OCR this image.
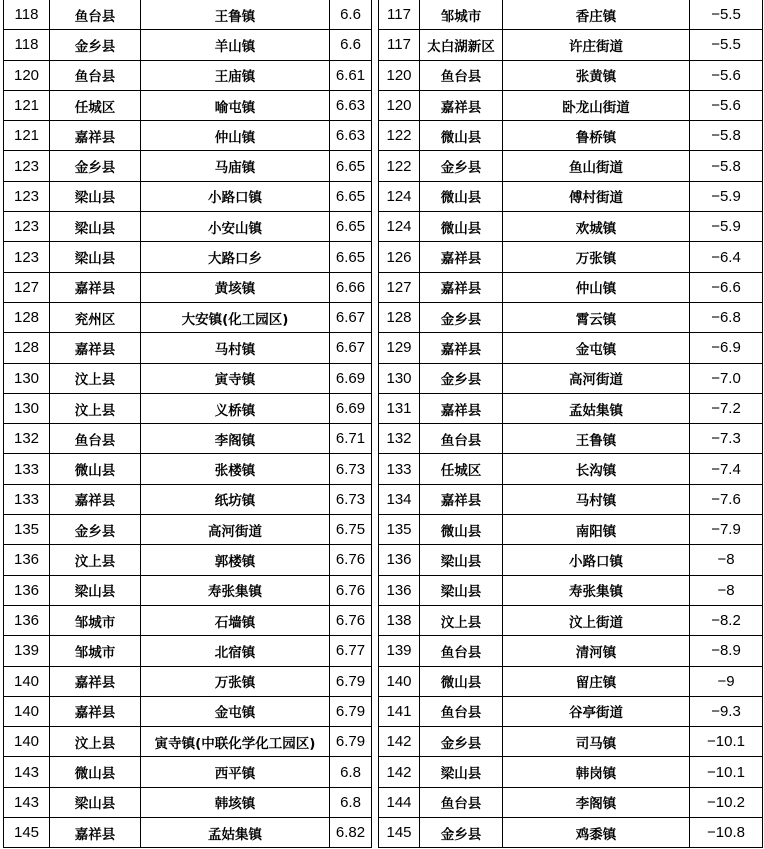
118	鱼台县	王鲁镇	6.6
118	金乡县	羊山镇	6.6
120	鱼台县	王庙镇	6.61
121	任城区	喻屯镇	6.63
121	嘉祥县	仲山镇	6.63
123	金乡县	马庙镇	6.65
123	梁山县	小路口镇	6.65
123	梁山县	小安山镇	6.65
123	梁山县	大路口乡	6.65
127	嘉祥县	黄垓镇	6.66
128	兖州区	大安镇(化工园区)	6.67
128	嘉祥县	马村镇	6.67
130	汶上县	寅寺镇	6.69
130	汶上县	义桥镇	6.69
132	鱼台县	李阁镇	6.71
133	微山县	张楼镇	6.73
133	嘉祥县	纸坊镇	6.73
135	金乡县	高河街道	6.75
136	汶上县	郭楼镇	6.76
136	梁山县	寿张集镇	6.76
136	邹城市	石墙镇	6.76
139	邹城市	北宿镇	6.77
140	嘉祥县	万张镇	6.79
140	嘉祥县	金屯镇	6.79
140	汶上县	寅寺镇(中联化学化工园区)	6.79
143	微山县	西平镇	6.8
143	梁山县	韩垓镇	6.8
145	嘉祥县	孟姑集镇	6.82
117	邹城市	香庄镇	−5.5
117	太白湖新区	许庄街道	−5.5
120	鱼台县	张黄镇	−5.6
120	嘉祥县	卧龙山街道	−5.6
122	微山县	鲁桥镇	−5.8
122	金乡县	鱼山街道	−5.8
124	微山县	傅村街道	−5.9
124	微山县	欢城镇	−5.9
126	嘉祥县	万张镇	−6.4
127	嘉祥县	仲山镇	−6.6
128	金乡县	霄云镇	−6.8
129	嘉祥县	金屯镇	−6.9
130	金乡县	高河街道	−7.0
131	嘉祥县	孟姑集镇	−7.2
132	鱼台县	王鲁镇	−7.3
133	任城区	长沟镇	−7.4
134	嘉祥县	马村镇	−7.6
135	微山县	南阳镇	−7.9
136	梁山县	小路口镇	−8
136	梁山县	寿张集镇	−8
138	汶上县	汶上街道	−8.2
139	鱼台县	清河镇	−8.9
140	微山县	留庄镇	−9
141	鱼台县	谷亭街道	−9.3
142	金乡县	司马镇	−10.1
142	梁山县	韩岗镇	−10.1
144	鱼台县	李阁镇	−10.2
145	金乡县	鸡黍镇	−10.8
